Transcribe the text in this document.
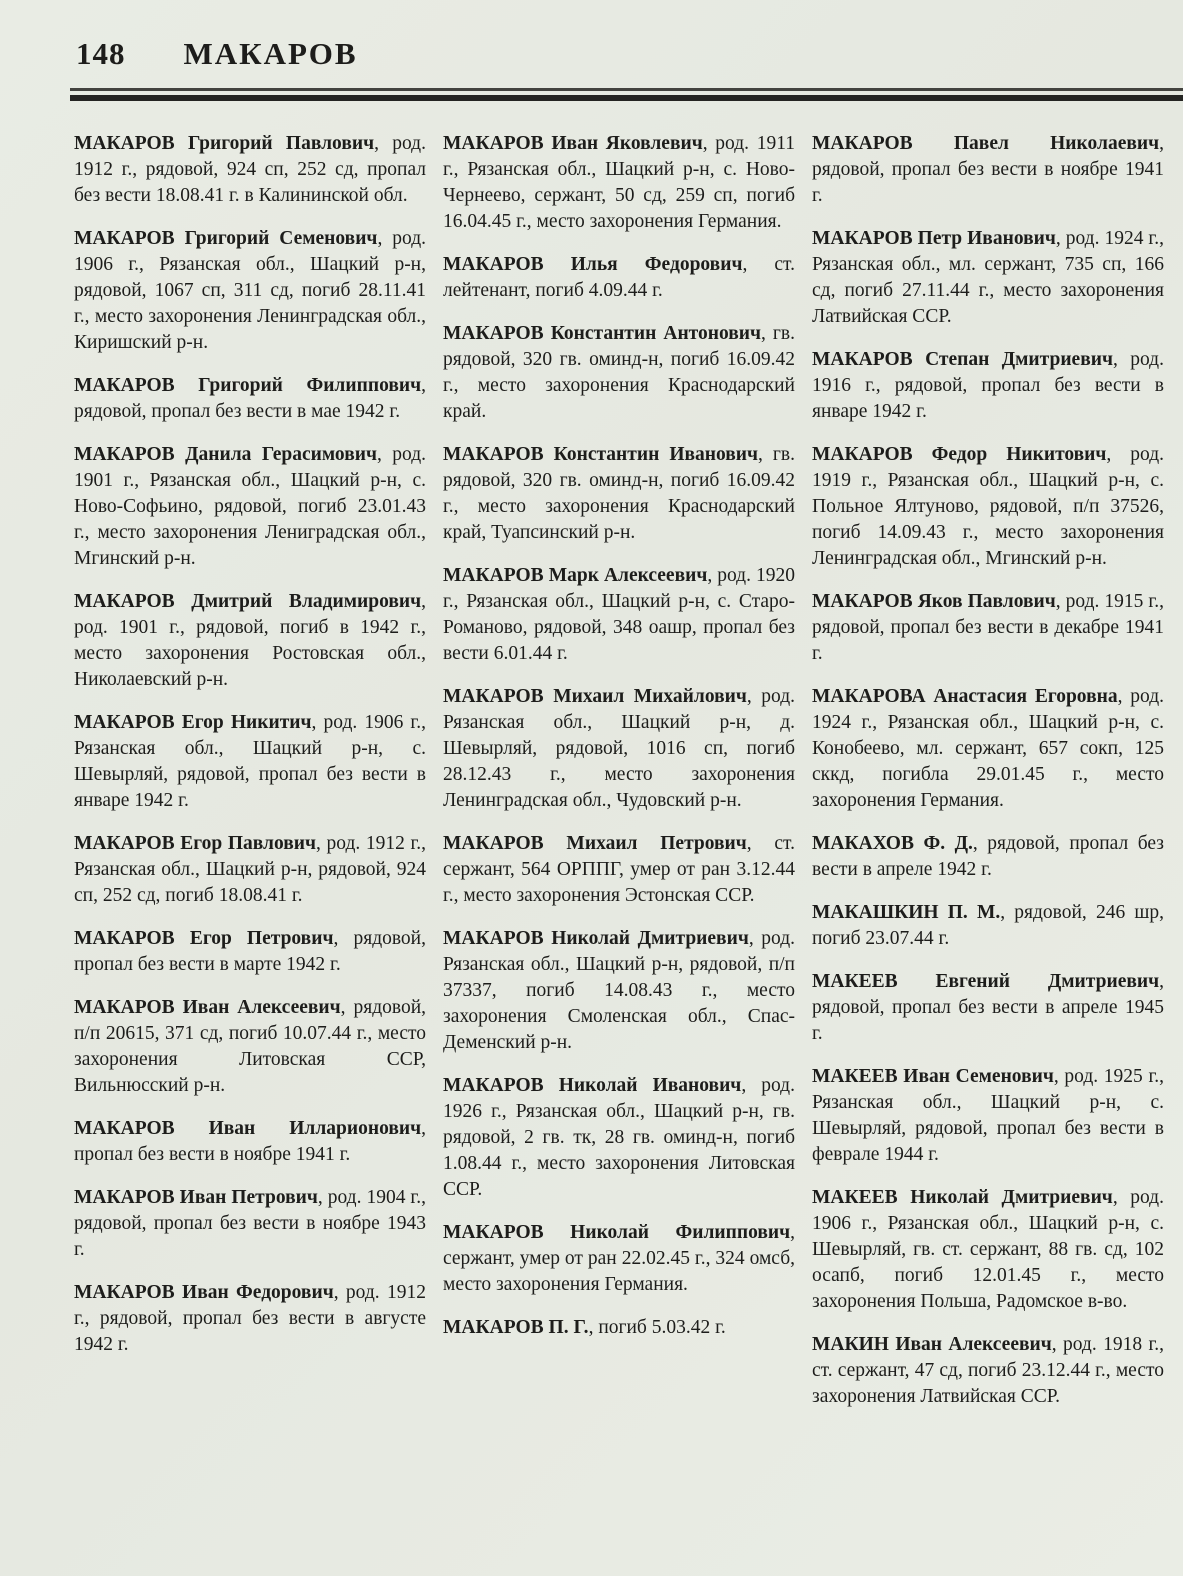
148 МАКАРОВ

МАКАРОВ Григорий Павлович, род. 1912 г., рядовой, 924 сп, 252 сд, пропал без вести 18.08.41 г. в Калининской обл.

МАКАРОВ Григорий Семенович, род. 1906 г., Рязанская обл., Шацкий р-н, рядовой, 1067 сп, 311 сд, погиб 28.11.41 г., место захоронения Ленинградская обл., Киришский р-н.

МАКАРОВ Григорий Филиппович, рядовой, пропал без вести в мае 1942 г.

МАКАРОВ Данила Герасимович, род. 1901 г., Рязанская обл., Шацкий р-н, с. Ново-Софьино, рядовой, погиб 23.01.43 г., место захоронения Лениградская обл., Мгинский р-н.

МАКАРОВ Дмитрий Владимирович, род. 1901 г., рядовой, погиб в 1942 г., место захоронения Ростовская обл., Николаевский р-н.

МАКАРОВ Егор Никитич, род. 1906 г., Рязанская обл., Шацкий р-н, с. Шевырляй, рядовой, пропал без вести в январе 1942 г.

МАКАРОВ Егор Павлович, род. 1912 г., Рязанская обл., Шацкий р-н, рядовой, 924 сп, 252 сд, погиб 18.08.41 г.

МАКАРОВ Егор Петрович, рядовой, пропал без вести в марте 1942 г.

МАКАРОВ Иван Алексеевич, рядовой, п/п 20615, 371 сд, погиб 10.07.44 г., место захоронения Литовская ССР, Вильнюсский р-н.

МАКАРОВ Иван Илларионович, пропал без вести в ноябре 1941 г.

МАКАРОВ Иван Петрович, род. 1904 г., рядовой, пропал без вести в ноябре 1943 г.

МАКАРОВ Иван Федорович, род. 1912 г., рядовой, пропал без вести в августе 1942 г.

МАКАРОВ Иван Яковлевич, род. 1911 г., Рязанская обл., Шацкий р-н, с. Ново-Чернеево, сержант, 50 сд, 259 сп, погиб 16.04.45 г., место захоронения Германия.

МАКАРОВ Илья Федорович, ст. лейтенант, погиб 4.09.44 г.

МАКАРОВ Константин Антонович, гв. рядовой, 320 гв. оминд-н, погиб 16.09.42 г., место захоронения Краснодарский край.

МАКАРОВ Константин Иванович, гв. рядовой, 320 гв. оминд-н, погиб 16.09.42 г., место захоронения Краснодарский край, Туапсинский р-н.

МАКАРОВ Марк Алексеевич, род. 1920 г., Рязанская обл., Шацкий р-н, с. Старо-Романово, рядовой, 348 оашр, пропал без вести 6.01.44 г.

МАКАРОВ Михаил Михайлович, род. Рязанская обл., Шацкий р-н, д. Шевырляй, рядовой, 1016 сп, погиб 28.12.43 г., место захоронения Ленинградская обл., Чудовский р-н.

МАКАРОВ Михаил Петрович, ст. сержант, 564 ОРППГ, умер от ран 3.12.44 г., место захоронения Эстонская ССР.

МАКАРОВ Николай Дмитриевич, род. Рязанская обл., Шацкий р-н, рядовой, п/п 37337, погиб 14.08.43 г., место захоронения Смоленская обл., Спас-Деменский р-н.

МАКАРОВ Николай Иванович, род. 1926 г., Рязанская обл., Шацкий р-н, гв. рядовой, 2 гв. тк, 28 гв. оминд-н, погиб 1.08.44 г., место захоронения Литовская ССР.

МАКАРОВ Николай Филиппович, сержант, умер от ран 22.02.45 г., 324 омсб, место захоронения Германия.

МАКАРОВ П. Г., погиб 5.03.42 г.

МАКАРОВ Павел Николаевич, рядовой, пропал без вести в ноябре 1941 г.

МАКАРОВ Петр Иванович, род. 1924 г., Рязанская обл., мл. сержант, 735 сп, 166 сд, погиб 27.11.44 г., место захоронения Латвийская ССР.

МАКАРОВ Степан Дмитриевич, род. 1916 г., рядовой, пропал без вести в январе 1942 г.

МАКАРОВ Федор Никитович, род. 1919 г., Рязанская обл., Шацкий р-н, с. Польное Ялтуново, рядовой, п/п 37526, погиб 14.09.43 г., место захоронения Ленинградская обл., Мгинский р-н.

МАКАРОВ Яков Павлович, род. 1915 г., рядовой, пропал без вести в декабре 1941 г.

МАКАРОВА Анастасия Егоровна, род. 1924 г., Рязанская обл., Шацкий р-н, с. Конобеево, мл. сержант, 657 сокп, 125 сккд, погибла 29.01.45 г., место захоронения Германия.

МАКАХОВ Ф. Д., рядовой, пропал без вести в апреле 1942 г.

МАКАШКИН П. М., рядовой, 246 шр, погиб 23.07.44 г.

МАКЕЕВ Евгений Дмитриевич, рядовой, пропал без вести в апреле 1945 г.

МАКЕЕВ Иван Семенович, род. 1925 г., Рязанская обл., Шацкий р-н, с. Шевырляй, рядовой, пропал без вести в феврале 1944 г.

МАКЕЕВ Николай Дмитриевич, род. 1906 г., Рязанская обл., Шацкий р-н, с. Шевырляй, гв. ст. сержант, 88 гв. сд, 102 осапб, погиб 12.01.45 г., место захоронения Польша, Радомское в-во.

МАКИН Иван Алексеевич, род. 1918 г., ст. сержант, 47 сд, погиб 23.12.44 г., место захоронения Латвийская ССР.
